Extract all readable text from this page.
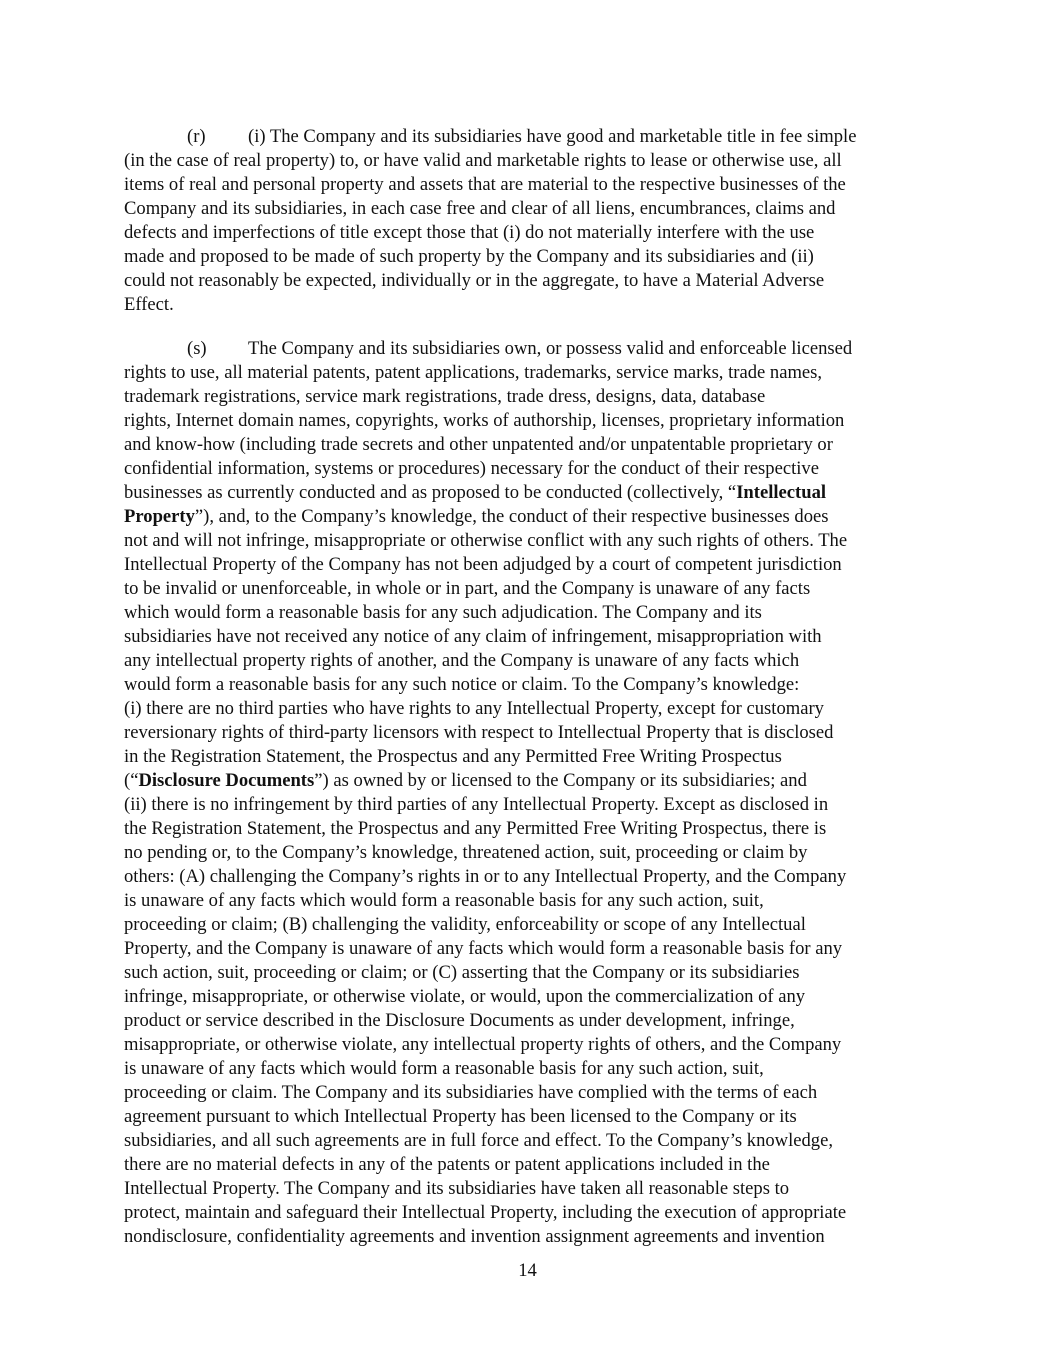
(r) (i) The Company and its subsidiaries have good and marketable title in fee simple
(in the case of real property) to, or have valid and marketable rights to lease or otherwise use, all
items of real and personal property and assets that are material to the respective businesses of the
Company and its subsidiaries, in each case free and clear of all liens, encumbrances, claims and
defects and imperfections of title except those that (i) do not materially interfere with the use
made and proposed to be made of such property by the Company and its subsidiaries and (ii)
could not reasonably be expected, individually or in the aggregate, to have a Material Adverse
Effect.
(s) The Company and its subsidiaries own, or possess valid and enforceable licensed
rights to use, all material patents, patent applications, trademarks, service marks, trade names,
trademark registrations, service mark registrations, trade dress, designs, data, database
rights, Internet domain names, copyrights, works of authorship, licenses, proprietary information
and know-how (including trade secrets and other unpatented and/or unpatentable proprietary or
confidential information, systems or procedures) necessary for the conduct of their respective
businesses as currently conducted and as proposed to be conducted (collectively, “Intellectual
Property”), and, to the Company’s knowledge, the conduct of their respective businesses does
not and will not infringe, misappropriate or otherwise conflict with any such rights of others. The
Intellectual Property of the Company has not been adjudged by a court of competent jurisdiction
to be invalid or unenforceable, in whole or in part, and the Company is unaware of any facts
which would form a reasonable basis for any such adjudication. The Company and its
subsidiaries have not received any notice of any claim of infringement, misappropriation with
any intellectual property rights of another, and the Company is unaware of any facts which
would form a reasonable basis for any such notice or claim. To the Company’s knowledge:
(i) there are no third parties who have rights to any Intellectual Property, except for customary
reversionary rights of third-party licensors with respect to Intellectual Property that is disclosed
in the Registration Statement, the Prospectus and any Permitted Free Writing Prospectus
(“Disclosure Documents”) as owned by or licensed to the Company or its subsidiaries; and
(ii) there is no infringement by third parties of any Intellectual Property. Except as disclosed in
the Registration Statement, the Prospectus and any Permitted Free Writing Prospectus, there is
no pending or, to the Company’s knowledge, threatened action, suit, proceeding or claim by
others: (A) challenging the Company’s rights in or to any Intellectual Property, and the Company
is unaware of any facts which would form a reasonable basis for any such action, suit,
proceeding or claim; (B) challenging the validity, enforceability or scope of any Intellectual
Property, and the Company is unaware of any facts which would form a reasonable basis for any
such action, suit, proceeding or claim; or (C) asserting that the Company or its subsidiaries
infringe, misappropriate, or otherwise violate, or would, upon the commercialization of any
product or service described in the Disclosure Documents as under development, infringe,
misappropriate, or otherwise violate, any intellectual property rights of others, and the Company
is unaware of any facts which would form a reasonable basis for any such action, suit,
proceeding or claim. The Company and its subsidiaries have complied with the terms of each
agreement pursuant to which Intellectual Property has been licensed to the Company or its
subsidiaries, and all such agreements are in full force and effect. To the Company’s knowledge,
there are no material defects in any of the patents or patent applications included in the
Intellectual Property. The Company and its subsidiaries have taken all reasonable steps to
protect, maintain and safeguard their Intellectual Property, including the execution of appropriate
nondisclosure, confidentiality agreements and invention assignment agreements and invention
14
